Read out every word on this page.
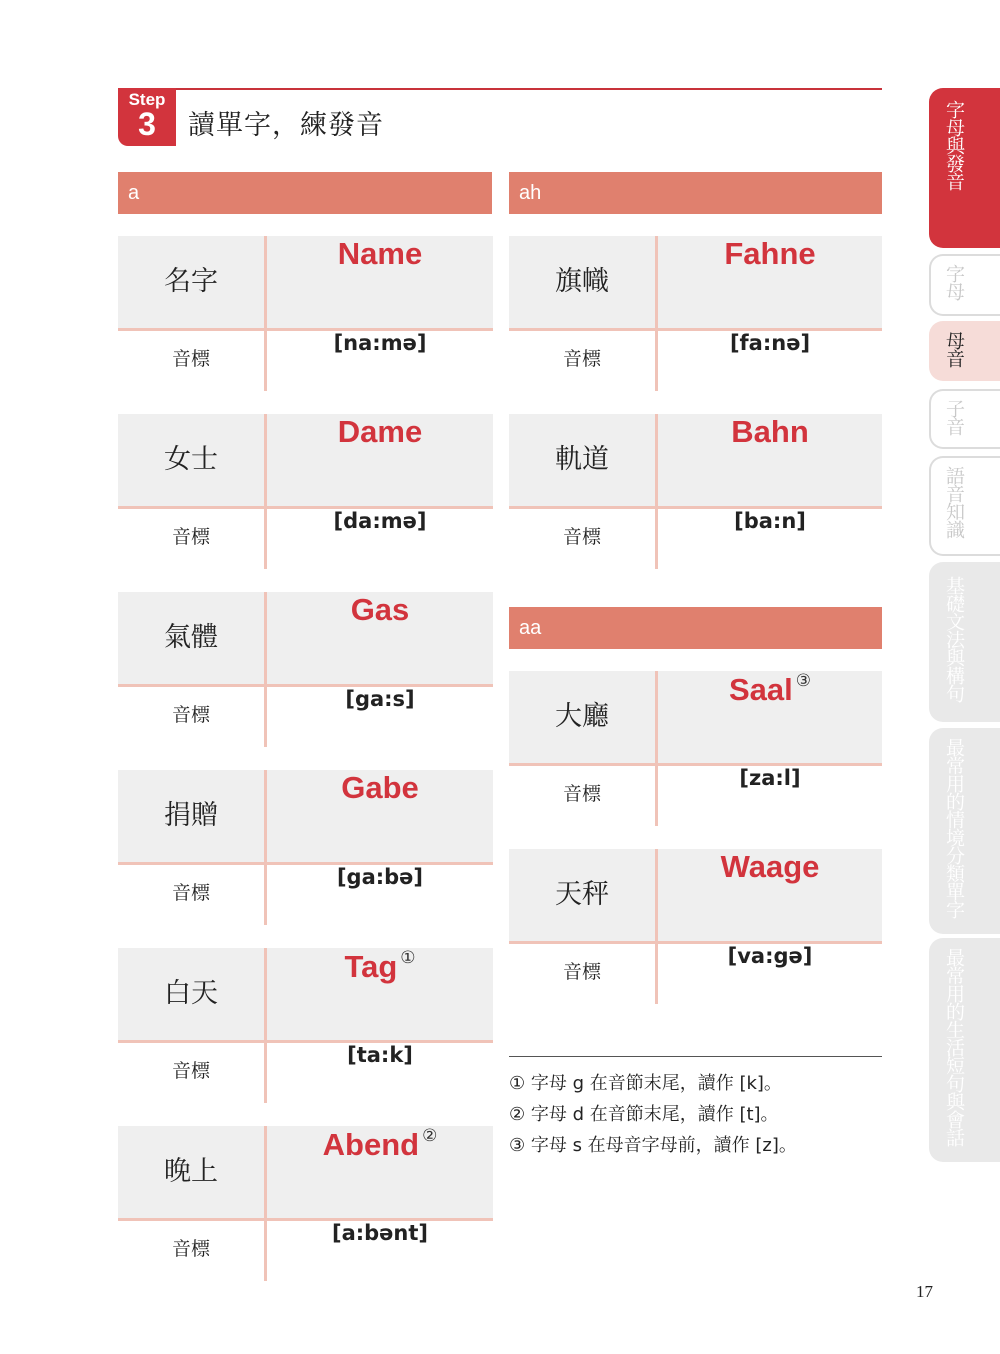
Step
3	讀單字，練發音
a
名字
Name
音標
[na:mə]
女士
Dame
音標
[da:mə]
氣體
Gas
音標
[ga:s]
捐贈
Gabe
音標
[ga:bə]
白天
Tag ①
音標
[ta:k]
晚上
Abend ②
音標
[a:bənt]
ah
旗幟
Fahne
音標
[fa:nə]
軌道
Bahn
音標
[ba:n]
aa
大廳
Saal ③
音標
[za:l]
天秤
Waage
音標
[va:gə]
① 字母 g 在音節末尾，讀作 [k]。
② 字母 d 在音節末尾，讀作 [t]。
③ 字母 s 在母音字母前，讀作 [z]。
17
字母與發音
字母
母音
子音
語音知識
基礎文法與構句
最常用的情境分類單字
最常用的生活短句與會話
